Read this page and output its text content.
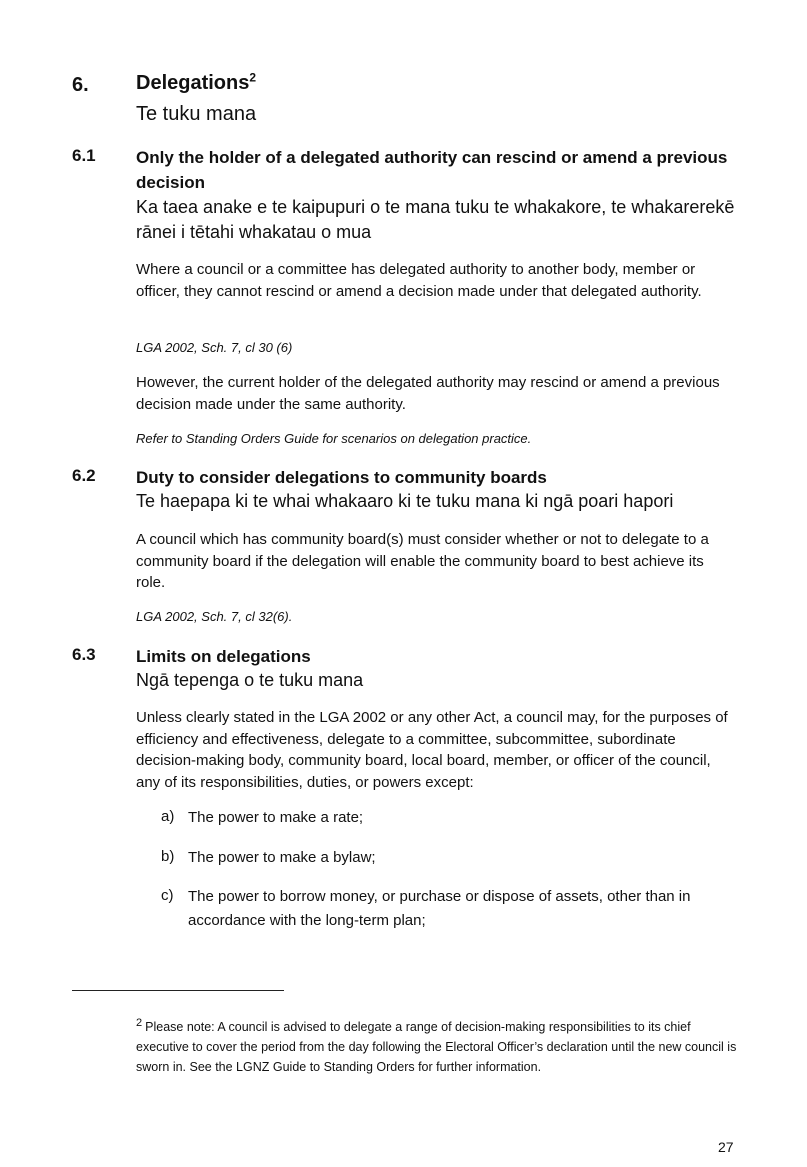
6. Delegations$^2$
Te tuku mana
6.1 Only the holder of a delegated authority can rescind or amend a previous decision
Ka taea anake e te kaipupuri o te mana tuku te whakakore, te whakarerekē rānei i tētahi whakatau o mua
Where a council or a committee has delegated authority to another body, member or officer, they cannot rescind or amend a decision made under that delegated authority.
LGA 2002, Sch. 7, cl 30 (6)
However, the current holder of the delegated authority may rescind or amend a previous decision made under the same authority.
Refer to Standing Orders Guide for scenarios on delegation practice.
6.2 Duty to consider delegations to community boards
Te haepapa ki te whai whakaaro ki te tuku mana ki ngā poari hapori
A council which has community board(s) must consider whether or not to delegate to a community board if the delegation will enable the community board to best achieve its role.
LGA 2002, Sch. 7, cl 32(6).
6.3 Limits on delegations
Ngā tepenga o te tuku mana
Unless clearly stated in the LGA 2002 or any other Act, a council may, for the purposes of efficiency and effectiveness, delegate to a committee, subcommittee, subordinate decision-making body, community board, local board, member, or officer of the council, any of its responsibilities, duties, or powers except:
a) The power to make a rate;
b) The power to make a bylaw;
c) The power to borrow money, or purchase or dispose of assets, other than in accordance with the long-term plan;
$^2$ Please note: A council is advised to delegate a range of decision-making responsibilities to its chief executive to cover the period from the day following the Electoral Officer’s declaration until the new council is sworn in. See the LGNZ Guide to Standing Orders for further information.
27
